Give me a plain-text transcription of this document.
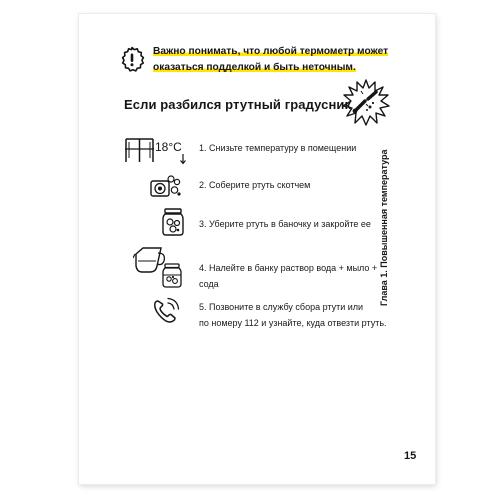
Важно понимать, что любой термометр может
оказаться подделкой и быть неточным.
Если разбился ртутный градусник
18°С 1. Снизьте температуру в помещении
2. Соберите ртуть скотчем
3. Уберите ртуть в баночку и закройте ее
4. Налейте в банку раствор вода + мыло +
сода
5. Позвоните в службу сбора ртути или
по номеру 112 и узнайте, куда отвезти ртуть.
Глава 1. Повышенная температура
15
